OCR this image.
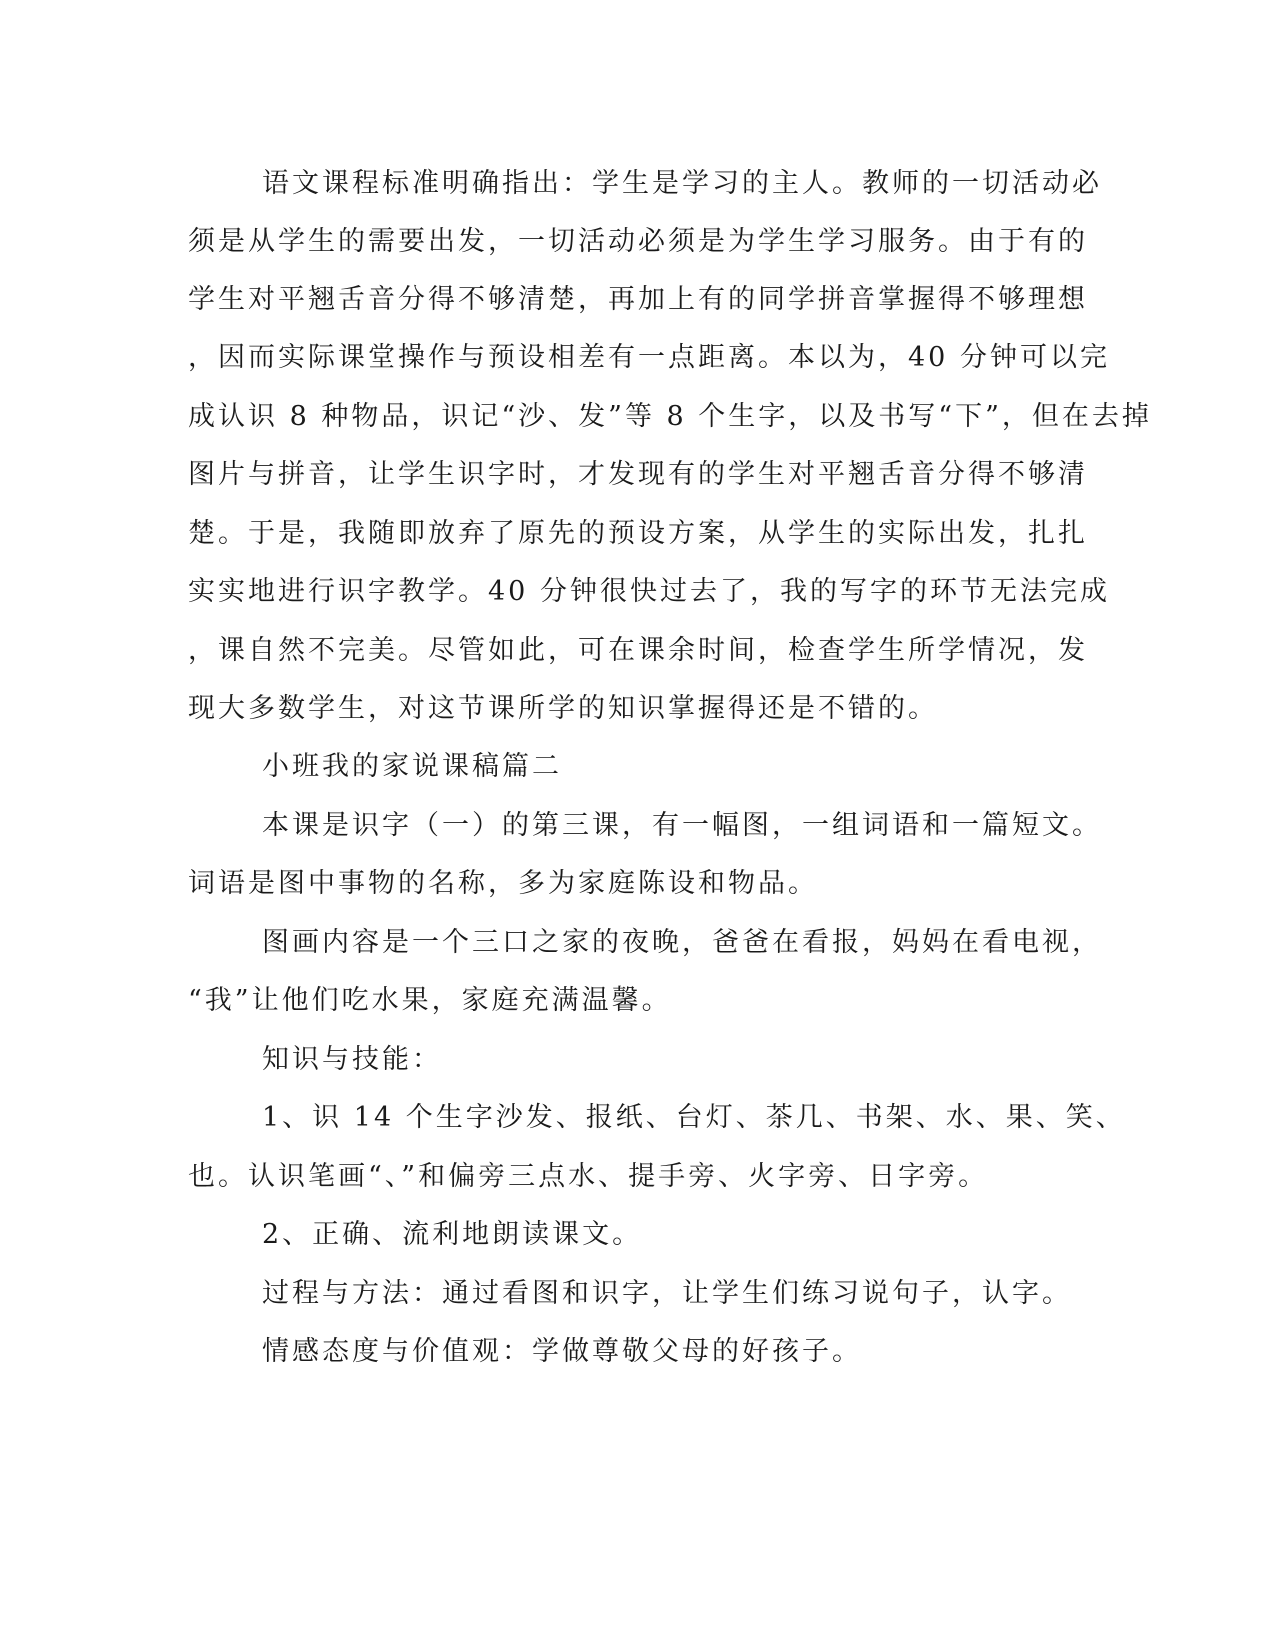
语文课程标准明确指出：学生是学习的主人。教师的一切活动必
须是从学生的需要出发，一切活动必须是为学生学习服务。由于有的
学生对平翘舌音分得不够清楚，再加上有的同学拼音掌握得不够理想
，因而实际课堂操作与预设相差有一点距离。本以为，40 分钟可以完
成认识 8 种物品，识记“沙、发”等 8 个生字，以及书写“下”，但在去掉
图片与拼音，让学生识字时，才发现有的学生对平翘舌音分得不够清
楚。于是，我随即放弃了原先的预设方案，从学生的实际出发，扎扎
实实地进行识字教学。40 分钟很快过去了，我的写字的环节无法完成
，课自然不完美。尽管如此，可在课余时间，检查学生所学情况，发
现大多数学生，对这节课所学的知识掌握得还是不错的。
小班我的家说课稿篇二
本课是识字（一）的第三课，有一幅图，一组词语和一篇短文。
词语是图中事物的名称，多为家庭陈设和物品。
图画内容是一个三口之家的夜晚，爸爸在看报，妈妈在看电视，
“我”让他们吃水果，家庭充满温馨。
知识与技能：
1、识 14 个生字沙发、报纸、台灯、茶几、书架、水、果、笑、
也。认识笔画“、”和偏旁三点水、提手旁、火字旁、日字旁。
2、正确、流利地朗读课文。
过程与方法：通过看图和识字，让学生们练习说句子，认字。
情感态度与价值观：学做尊敬父母的好孩子。
